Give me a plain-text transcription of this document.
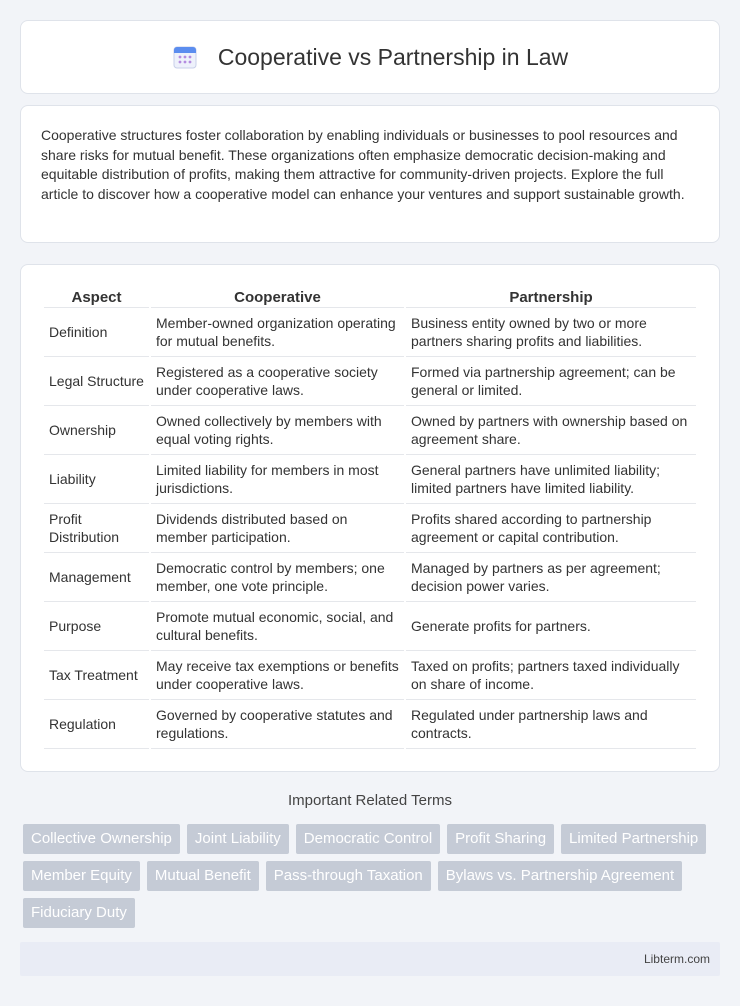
Cooperative vs Partnership in Law

Cooperative structures foster collaboration by enabling individuals or businesses to pool resources and share risks for mutual benefit. These organizations often emphasize democratic decision-making and equitable distribution of profits, making them attractive for community-driven projects. Explore the full article to discover how a cooperative model can enhance your ventures and support sustainable growth.

Aspect	Cooperative	Partnership
Definition	Member-owned organization operating for mutual benefits.	Business entity owned by two or more partners sharing profits and liabilities.
Legal Structure	Registered as a cooperative society under cooperative laws.	Formed via partnership agreement; can be general or limited.
Ownership	Owned collectively by members with equal voting rights.	Owned by partners with ownership based on agreement share.
Liability	Limited liability for members in most jurisdictions.	General partners have unlimited liability; limited partners have limited liability.
Profit Distribution	Dividends distributed based on member participation.	Profits shared according to partnership agreement or capital contribution.
Management	Democratic control by members; one member, one vote principle.	Managed by partners as per agreement; decision power varies.
Purpose	Promote mutual economic, social, and cultural benefits.	Generate profits for partners.
Tax Treatment	May receive tax exemptions or benefits under cooperative laws.	Taxed on profits; partners taxed individually on share of income.
Regulation	Governed by cooperative statutes and regulations.	Regulated under partnership laws and contracts.
Important Related Terms
Collective Ownership	Joint Liability	Democratic Control	Profit Sharing	Limited Partnership
Member Equity	Mutual Benefit	Pass-through Taxation	Bylaws vs. Partnership Agreement
Fiduciary Duty
Libterm.com
